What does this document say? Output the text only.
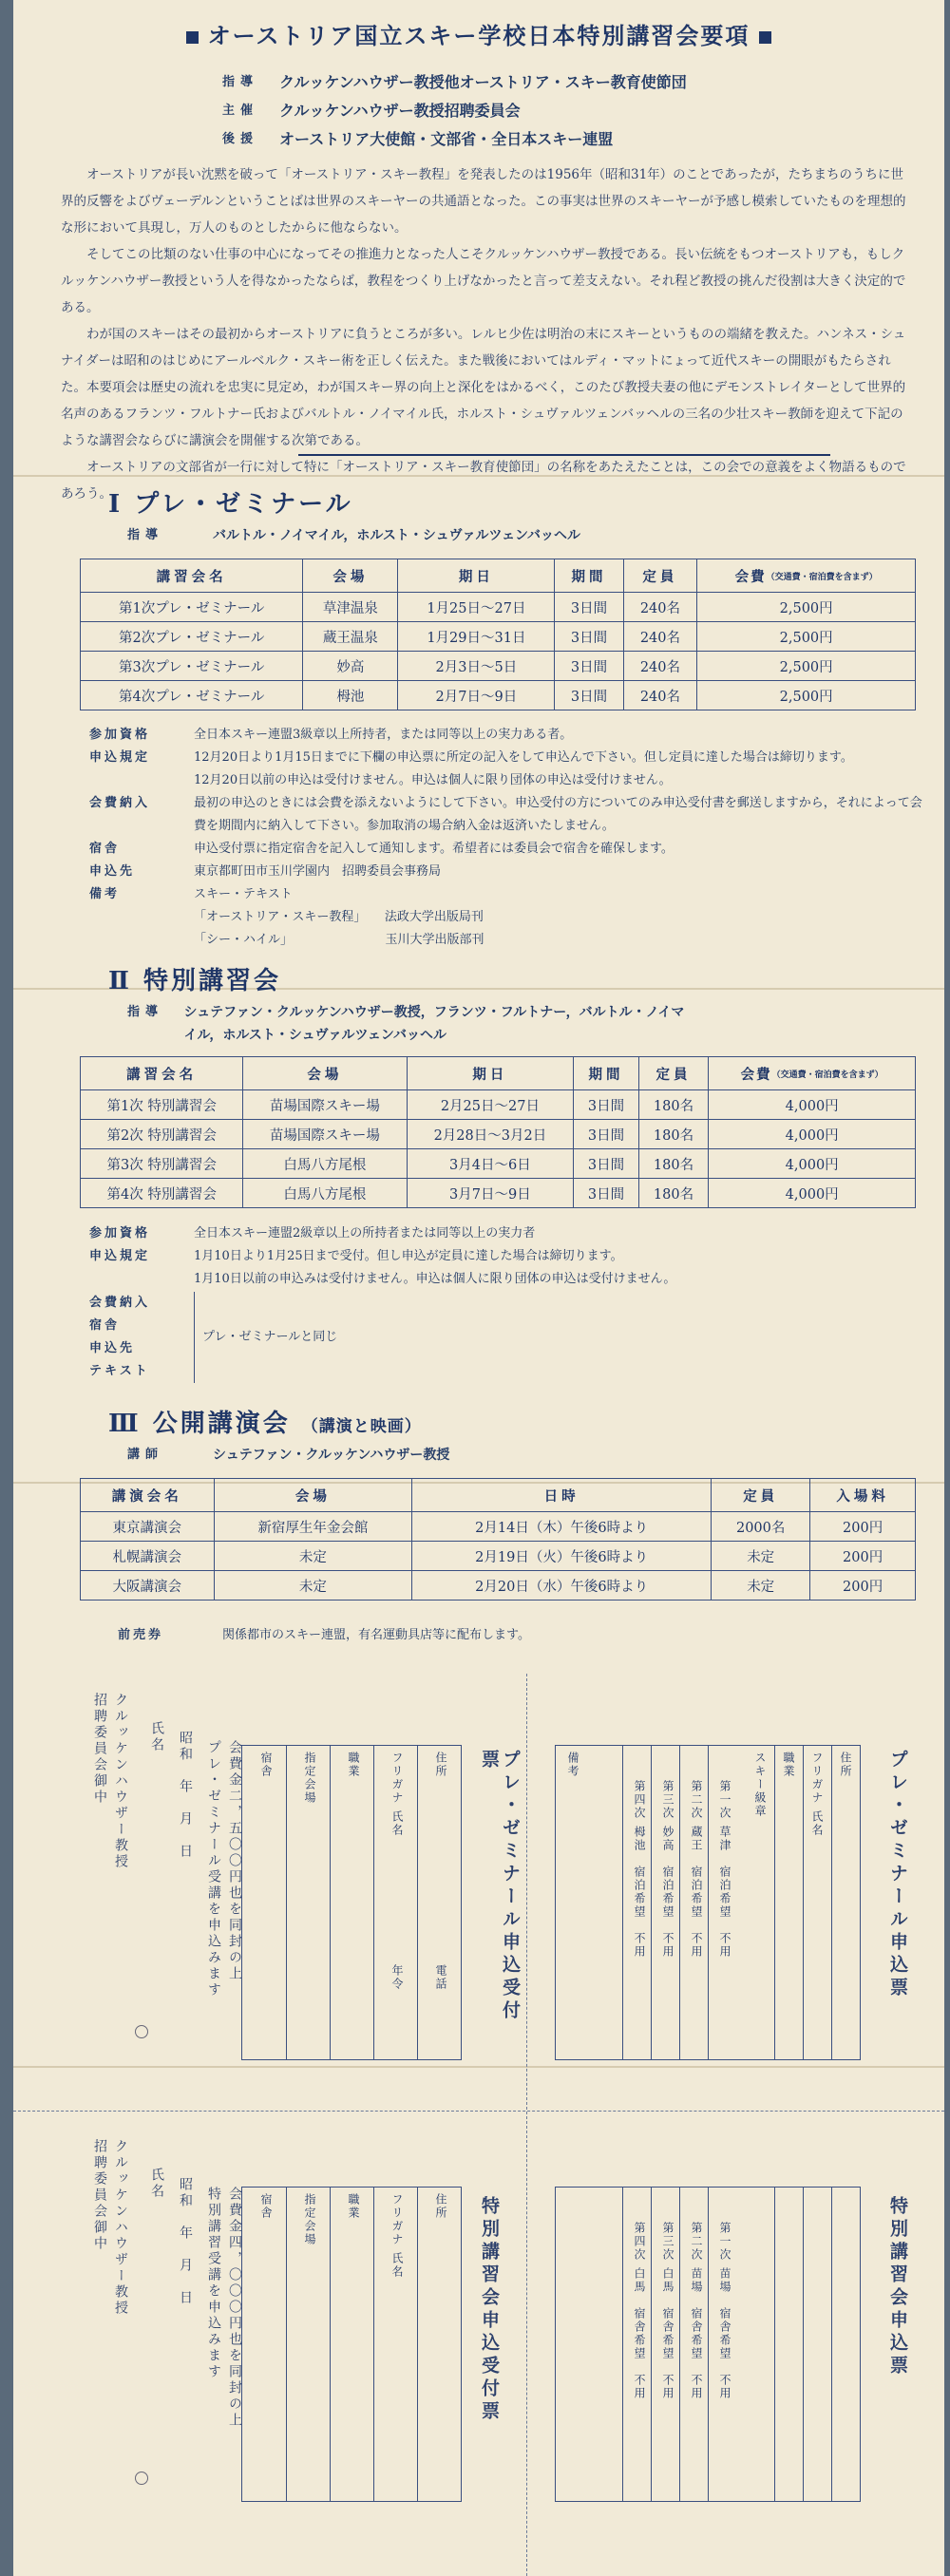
オーストリア国立スキー学校日本特別講習会要項
指導	クルッケンハウザー教授他オーストリア・スキー教育使節団
主催	クルッケンハウザー教授招聘委員会
後援	オーストリア大使館・文部省・全日本スキー連盟

オーストリアが長い沈黙を破って「オーストリア・スキー教程」を発表したのは1956年（昭和31年）のことであったが，たちまちのうちに世界的反響をよびヴェーデルンということばは世界のスキーヤーの共通語となった。この事実は世界のスキーヤーが予感し模索していたものを理想的な形において具現し，万人のものとしたからに他ならない。

そしてこの比類のない仕事の中心になってその推進力となった人こそクルッケンハウザー教授である。長い伝統をもつオーストリアも，もしクルッケンハウザー教授という人を得なかったならば，教程をつくり上げなかったと言って差支えない。それ程ど教授の挑んだ役割は大きく決定的である。

わが国のスキーはその最初からオーストリアに負うところが多い。レルヒ少佐は明治の末にスキーというものの端緒を教えた。ハンネス・シュナイダーは昭和のはじめにアールベルク・スキー術を正しく伝えた。また戦後においてはルディ・マットにょって近代スキーの開眼がもたらされた。本要項会は歴史の流れを忠実に見定め，わが国スキー界の向上と深化をはかるべく，このたび教授夫妻の他にデモンストレイターとして世界的名声のあるフランツ・フルトナー氏およびバルトル・ノイマイル氏，ホルスト・シュヴァルツェンバッヘルの三名の少壮スキー教師を迎えて下記のような講習会ならびに講演会を開催する次第である。

オーストリアの文部省が一行に対して特に「オーストリア・スキー教育使節団」の名称をあたえたことは，この会での意義をよく物語るものであろう。

Ⅰ プレ・ゼミナール
指導	バルトル・ノイマイル，ホルスト・シュヴァルツェンバッヘル
講習会名	会場	期日	期間	定員	会費（交通費・宿泊費を含まず）
第1次プレ・ゼミナール	草津温泉	1月25日〜27日	3日間	240名	2,500円
第2次プレ・ゼミナール	蔵王温泉	1月29日〜31日	3日間	240名	2,500円
第3次プレ・ゼミナール	妙高	2月3日〜5日	3日間	240名	2,500円
第4次プレ・ゼミナール	栂池	2月7日〜9日	3日間	240名	2,500円
参加資格	全日本スキー連盟3級章以上所持者，または同等以上の実力ある者。
申込規定	12月20日より1月15日までに下欄の申込票に所定の記入をして申込んで下さい。但し定員に達した場合は締切ります。
12月20日以前の申込は受付けません。申込は個人に限り団体の申込は受付けません。
会費納入	最初の申込のときには会費を添えないようにして下さい。申込受付の方についてのみ申込受付書を郵送しますから，それによって会費を期間内に納入して下さい。参加取消の場合納入金は返済いたしません。
宿舎	申込受付票に指定宿舎を記入して通知します。希望者には委員会で宿舎を確保します。
申込先	東京都町田市玉川学園内　招聘委員会事務局
備考	スキー・テキスト
「オーストリア・スキー教程」　　法政大学出版局刊
「シー・ハイル」　　　　　　　　玉川大学出版部刊
Ⅱ 特別講習会
指導	シュテファン・クルッケンハウザー教授，フランツ・フルトナー，バルトル・ノイマイル，ホルスト・シュヴァルツェンバッヘル
講習会名	会場	期日	期間	定員	会費（交通費・宿泊費を含まず）
第1次 特別講習会	苗場国際スキー場	2月25日〜27日	3日間	180名	4,000円
第2次 特別講習会	苗場国際スキー場	2月28日〜3月2日	3日間	180名	4,000円
第3次 特別講習会	白馬八方尾根	3月4日〜6日	3日間	180名	4,000円
第4次 特別講習会	白馬八方尾根	3月7日〜9日	3日間	180名	4,000円
参加資格	全日本スキー連盟2級章以上の所持者または同等以上の実力者
申込規定	1月10日より1月25日まで受付。但し申込が定員に達した場合は締切ります。
1月10日以前の申込みは受付けません。申込は個人に限り団体の申込は受付けません。
会費納入
宿舎
申込先
テキスト
プレ・ゼミナールと同じ
Ⅲ 公開講演会 （講演と映画）
講師	シュテファン・クルッケンハウザー教授
講演会名	会場	日時	定員	入場料
東京講演会	新宿厚生年金会館	2月14日（木）午後6時より	2000名	200円
札幌講演会	未定	2月19日（火）午後6時より	未定	200円
大阪講演会	未定	2月20日（水）午後6時より	未定	200円
前売券	関係都市のスキー連盟，有名運動具店等に配布します。
クルッケンハウザー教授
招聘委員会御中	氏名 昭和　年　月　日	会費金二，五〇〇円也を同封の上
プレ・ゼミナール受講を申込みます	住所
フリガナ 氏名
職業
指定会場
宿舎
電話
年令	プレ・ゼミナール申込受付票	住所
フリガナ 氏名
職業
スキー級章
備考
第一次 草津　宿泊希望　不用
第二次 蔵王　宿泊希望　不用
第三次 妙高　宿泊希望　不用
第四次 栂池　宿泊希望　不用	プレ・ゼミナール申込票
クルッケンハウザー教授
招聘委員会御中	氏名 昭和　年　月　日	会費金四，〇〇〇円也を同封の上
特別講習受講を申込みます	住所
フリガナ 氏名
職業
指定会場
宿舎	特別講習会申込受付票	第一次 苗場　宿舎希望　不用
第二次 苗場　宿舎希望　不用
第三次 白馬　宿舎希望　不用
第四次 白馬　宿舎希望　不用
特別講習会申込票
